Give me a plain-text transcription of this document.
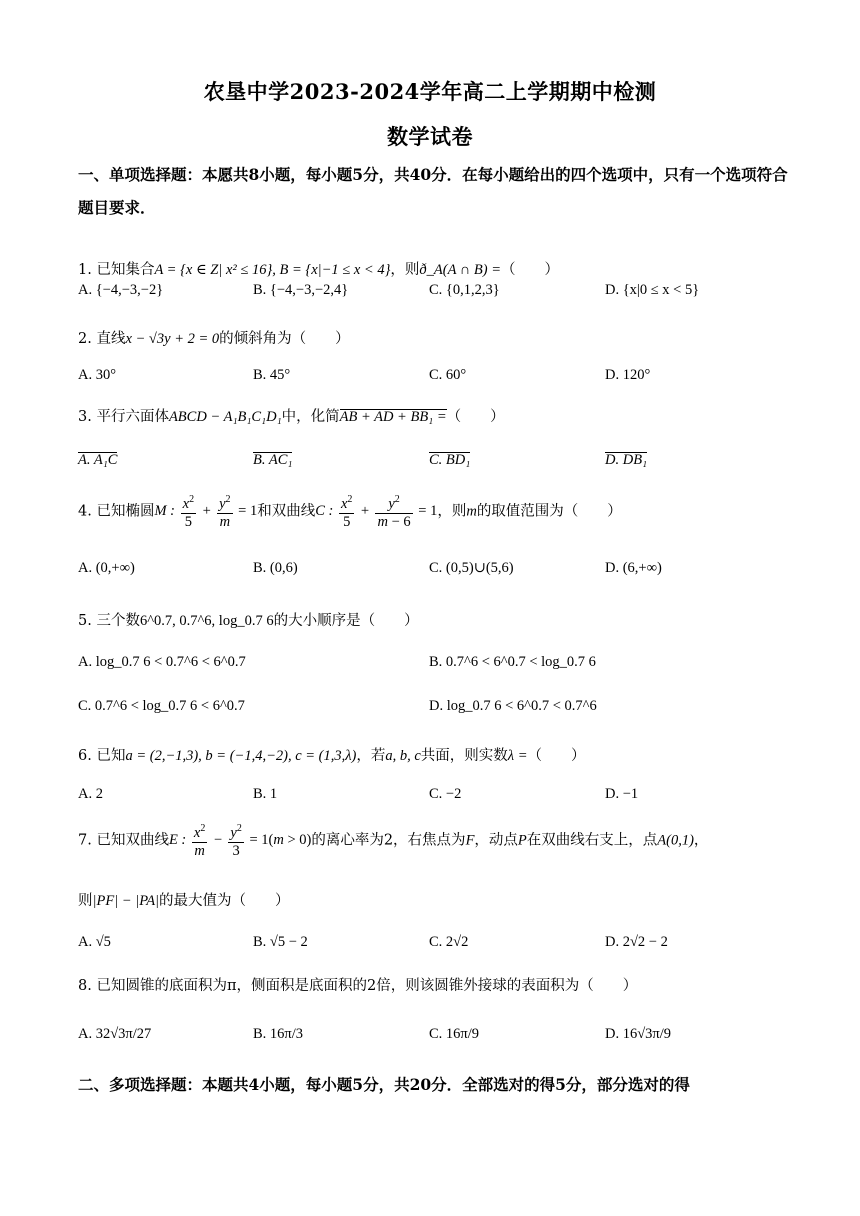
农垦中学2023-2024学年高二上学期期中检测
数学试卷
一、单项选择题：本愿共8小题，每小题5分，共40分．在每小题给出的四个选项中，只有一个选项符合题目要求．
1. 已知集合A = {x ∈ Z| x² ≤ 16}, B = {x|−1 ≤ x < 4}，则ð_A(A ∩ B) =（　　）
A. {−4,−3,−2}	B. {−4,−3,−2,4}	C. {0,1,2,3}	D. {x|0 ≤ x < 5}
2. 直线x − √3y + 2 = 0的倾斜角为（　　）
A. 30°	B. 45°	C. 60°	D. 120°
3. 平行六面体ABCD − A₁B₁C₁D₁中，化简AB + AD + BB₁ =（　　）
A. A₁C	B. AC₁	C. BD₁	D. DB₁
4. 已知椭圆M : $\frac{x^2}{5} + \frac{y^2}{m} = 1$和双曲线C : $\frac{x^2}{5} + \frac{y^2}{m - 6} = 1$，则m的取值范围为（　　）
A. (0,+∞)	B. (0,6)	C. (0,5)∪(5,6)	D. (6,+∞)
5. 三个数6^0.7, 0.7^6, log_0.7 6的大小顺序是（　　）
A. log_0.7 6 < 0.7^6 < 6^0.7	B. 0.7^6 < 6^0.7 < log_0.7 6
C. 0.7^6 < log_0.7 6 < 6^0.7	D. log_0.7 6 < 6^0.7 < 0.7^6
6. 已知a = (2,−1,3), b = (−1,4,−2), c = (1,3,λ)，若a, b, c共面，则实数λ =（　　）
A. 2	B. 1	C. −2	D. −1
7. 已知双曲线E : $\frac{x^2}{m} - \frac{y^2}{3} = 1(m > 0)$的离心率为2，右焦点为F，动点P在双曲线右支上，点A(0,1)，
则|PF| − |PA|的最大值为（　　）
A. √5	B. √5 − 2	C. 2√2	D. 2√2 − 2
8. 已知圆锥的底面积为π，侧面积是底面积的2倍，则该圆锥外接球的表面积为（　　）
A. 32√3π/27	B. 16π/3	C. 16π/9	D. 16√3π/9
二、多项选择题：本题共4小题，每小题5分，共20分．全部选对的得5分，部分选对的得
